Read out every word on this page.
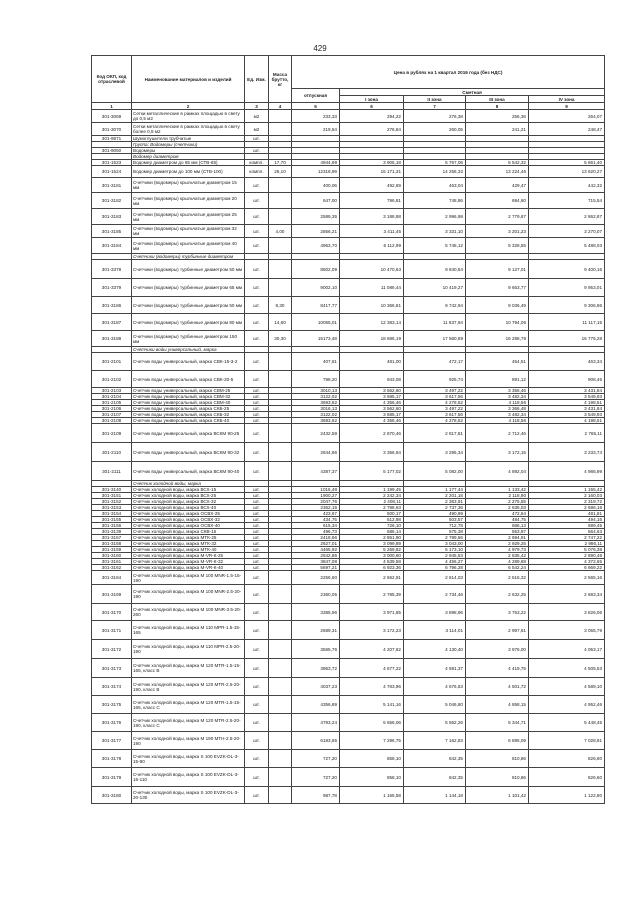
429
Код ОКП, код отраслевой	Наименование материалов и изделий	Ед. Изм.	Масса брутто, кг	Цена в рублях на 1 квартал 2016 года (без НДС)				
				отпускная	Сметная			
					I зона	II зона	III зона	IV зона
1	2	3	4	5	6	7	8	9
301-3069	Сетки металлические в рамках площадью в свету до 0,5 м2	м2		233,33	294,22	276,38	256,36	264,07
301-3070	Сетки металлические в рамках площадью в свету более 0,5 м2	м2		219,54	276,84	260,05	241,21	248,47
301-9871	Шумоглушители трубчатые	шт.						
	Группа: Водомеры (счетчики)							
301-9050	Водомеры	шт.						
	Водомер диаметром							
301-1523	Водомер диаметром до 65 мм (СТВ-65)	компл.	17,70	4944,69	3 906,18	5 767,06	5 542,32	5 661,40
301-1524	Водомер диаметром до 100 мм (СТВ-100)	компл.	26,10	12318,99	15 171,31	14 256,32	13 224,46	13 620,27
301-3181	Счетчики (водомеры) крыльчатые диаметром 15 мм	шт.		400,06	492,69	463,04	429,47	442,32
301-3182	Счетчики (водомеры) крыльчатые диаметром 20 мм	шт.		647,00	796,81	748,86	694,60	715,54
301-3183	Счетчики (водомеры) крыльчатые диаметром 25 мм	шт.		2589,35	3 188,88	2 996,98	2 779,67	2 862,87
301-3185	Счетчики (водомеры) крыльчатые диаметром 32 мм	шт.	4,00	2856,21	3 411,45	3 331,10	3 201,23	3 270,07
301-3184	Счетчики (водомеры) крыльчатые диаметром 40 мм	шт.		4963,70	6 112,99	5 745,12	5 328,55	5 488,03
	Счетчики (водомеры) турбинные диаметром							
301-3378	Счетчики (водомеры) турбинные диаметром 50 мм	шт.		8502,09	10 470,63	9 840,54	9 127,01	9 400,16
301-3379	Счетчики (водомеры) турбинные диаметром 65 мм	шт.		9002,10	11 086,44	10 419,27	9 663,77	9 953,01
301-3186	Счетчики (водомеры) турбинные диаметром 50 мм	шт.	8,30	8417,77	10 366,81	9 742,94	9 036,49	9 306,96
301-3187	Счетчики (водомеры) турбинные диаметром 80 мм	шт.	14,60	10055,01	12 383,14	11 637,94	10 794,06	11 117,15
301-3188	Счетчики (водомеры) турбинные диаметром 150 мм	шт.	30,30	15173,48	18 686,19	17 560,89	16 288,78	16 776,28
	Счетчики воды универсальный, марка							
301-2101	Счетчик воды универсальный, марка СВК-15-3-2	шт.		407,61	481,00	472,17	454,51	463,34
301-2102	Счетчик воды универсальный, марка СВК-20-5	шт.		798,20	943,08	925,74	891,12	908,46
301-2103	Счетчик воды универсальный, марка СВМ-25	шт.		3010,13	3 562,60	3 497,22	3 356,46	3 431,84
301-2104	Счетчик воды универсальный, марка СВМ-32	шт.		3122,02	3 685,17	3 617,56	3 482,34	3 549,93
301-2105	Счетчик воды универсальный, марка СВМ-40	шт.		3693,62	4 356,46	4 278,52	4 118,56	4 198,51
301-2106	Счетчик воды универсальный, марка СКБ-25	шт.		3016,13	3 562,60	3 497,22	3 366,48	3 431,84
301-2107	Счетчик воды универсальный, марка СКБ-32	шт.		3122,02	3 685,17	3 617,56	3 482,34	3 549,93
301-2108	Счетчик воды универсальный, марка СКБ-40	шт.		3693,62	4 356,46	4 278,52	4 118,56	4 198,51
301-2109	Счетчик воды универсальный, марка ВСКМ 90-25	шт.		2432,59	2 870,46	2 817,81	2 712,46	2 765,11
301-2110	Счетчик воды универсальный, марка ВСКМ 90-32	шт.		2844,86	3 356,94	3 295,34	3 172,15	3 233,74
301-2111	Счетчик воды универсальный, марка ВСКМ 90-40	шт.		4387,37	5 177,02	5 082,00	4 892,04	4 986,99
	Счетчик холодной воды, марка							
301-3140	Счетчик холодной воды, марка ВСХ-15	шт.		1016,48	1 199,45	1 177,44	1 133,42	1 155,42
301-3151	Счетчик холодной воды, марка ВСХ-25	шт.		1900,27	2 242,34	2 201,18	2 118,90	2 160,03
301-3152	Счетчик холодной воды, марка ВСХ-32	шт.		2047,76	2 408,11	2 363,91	2 275,55	2 319,72
301-3153	Счетчик холодной воды, марка ВСХ-40	шт.		2362,15	2 788,63	2 737,36	2 635,03	2 686,18
301-3154	Счетчик холодной воды, марка ОСВХ-25	шт.		423,67	500,17	490,99	472,64	481,81
301-3155	Счетчик холодной воды, марка ОСВХ-32	шт.		434,75	512,98	503,57	484,75	494,16
301-3156	Счетчик холодной воды, марка ОСВХ-40	шт.		615,34	726,10	712,78	686,13	699,45
301-3139	Счетчик холодной воды, марка СКВ-15	шт.		496,73	586,14	575,38	553,87	564,63
301-3157	Счетчик холодной воды, марка МТК-25	шт.		2418,66	2 851,90	2 799,56	2 694,91	2 747,22
301-3158	Счетчик холодной воды, марка МТК-32	шт.		2627,01	3 099,89	3 043,00	2 929,25	2 986,11
301-3159	Счетчик холодной воды, марка МТК-40	шт.		4465,92	5 269,82	5 173,10	4 979,73	5 076,38
301-3160	Счетчик холодной воды, марка М-VR-К-25	шт.		2542,86	3 000,60	2 945,53	2 835,42	2 890,48
301-3161	Счетчик холодной воды, марка М-VR-К-32	шт.		3847,08	4 539,58	4 456,27	4 289,68	4 372,65
301-3162	Счетчик холодной воды, марка М-VR-К-40	шт.		5697,21	6 923,36	6 796,28	6 542,24	6 669,22
301-3164	Счетчик холодной воды, марка М 100 MNR-1.5-15-190	шт.		2256,60	2 662,91	2 614,03	2 516,32	2 565,16
301-3169	Счетчик холодной воды, марка М 100 MNR-2.5-20-190	шт.		2360,05	2 785,39	2 734,46	2 632,25	2 683,34
301-3170	Счетчик холодной воды, марка М 100 MNR-3.5-20-260	шт.		3385,96	3 971,85	3 898,96	3 753,22	3 826,06
301-3171	Счетчик холодной воды, марка М 110 MPR-1.5-15-165	шт.		2689,31	3 172,23	3 114,01	2 997,61	3 055,79
301-3172	Счетчик холодной воды, марка М 110 MPR-2.5-20-190	шт.		3565,76	4 207,62	4 130,40	3 976,00	4 053,17
301-3173	Счетчик холодной воды, марка М 120 MTR-1.5-15-165, класс В	шт.		3963,72	4 677,22	4 591,37	4 419,75	4 505,53
301-3174	Счетчик холодной воды, марка М 120 MTR-2.5-20-190, класс В	шт.		4037,23	4 763,96	4 676,53	4 501,72	4 589,10
301-3175	Счетчик холодной воды, марка М 120 MTR-1.5-15-165, класс С	шт.		4356,89	5 141,16	5 046,80	4 858,15	4 952,46
301-3176	Счетчик холодной воды, марка М 120 MTR-2.5-20-190, класс С	шт.		4793,24	5 656,06	5 552,26	5 344,71	5 448,45
301-3177	Счетчик холодной воды, марка М 190 MTH-2.5-20-190	шт.		6183,65	7 296,75	7 162,83	6 895,09	7 028,91
301-3178	Счетчик холодной воды, марка S 100 EVZK-DL-3-15-80	шт.		727,20	858,10	842,35	810,86	826,60
301-3179	Счетчик холодной воды, марка S 100 EVZK-DL-3-15-110	шт.		727,20	858,10	842,35	810,86	826,60
301-3180	Счетчик холодной воды, марка S 100 EVZK-DL-3-20-130	шт.		987,78	1 165,58	1 144,18	1 101,42	1 122,80
